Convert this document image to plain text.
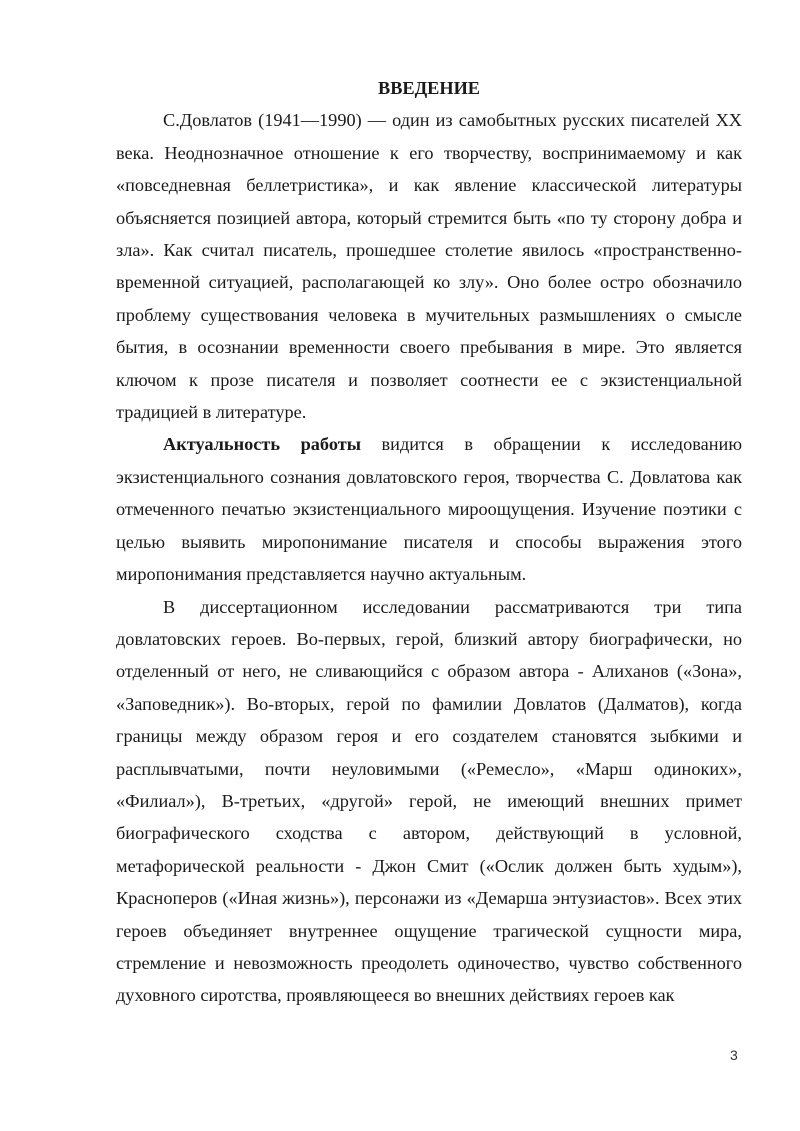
ВВЕДЕНИЕ

С.Довлатов (1941—1990) — один из самобытных русских писателей XX века. Неоднозначное отношение к его творчеству, воспринимаемому и как «повседневная беллетристика», и как явление классической литературы объясняется позицией автора, который стремится быть «по ту сторону добра и зла». Как считал писатель, прошедшее столетие явилось «пространственно-временной ситуацией, располагающей ко злу». Оно более остро обозначило проблему существования человека в мучительных размышлениях о смысле бытия, в осознании временности своего пребывания в мире. Это является ключом к прозе писателя и позволяет соотнести ее с экзистенциальной традицией в литературе.

Актуальность работы видится в обращении к исследованию экзистенциального сознания довлатовского героя, творчества С. Довлатова как отмеченного печатью экзистенциального мироощущения. Изучение поэтики с целью выявить миропонимание писателя и способы выражения этого миропонимания представляется научно актуальным.

В диссертационном исследовании рассматриваются три типа довлатовских героев. Во-первых, герой, близкий автору биографически, но отделенный от него, не сливающийся с образом автора - Алиханов («Зона», «Заповедник»). Во-вторых, герой по фамилии Довлатов (Далматов), когда границы между образом героя и его создателем становятся зыбкими и расплывчатыми, почти неуловимыми («Ремесло», «Марш одиноких», «Филиал»), В-третьих, «другой» герой, не имеющий внешних примет биографического сходства с автором, действующий в условной, метафорической реальности - Джон Смит («Ослик должен быть худым»), Красноперов («Иная жизнь»), персонажи из «Демарша энтузиастов». Всех этих героев объединяет внутреннее ощущение трагической сущности мира, стремление и невозможность преодолеть одиночество, чувство собственного духовного сиротства, проявляющееся во внешних действиях героев как

3
